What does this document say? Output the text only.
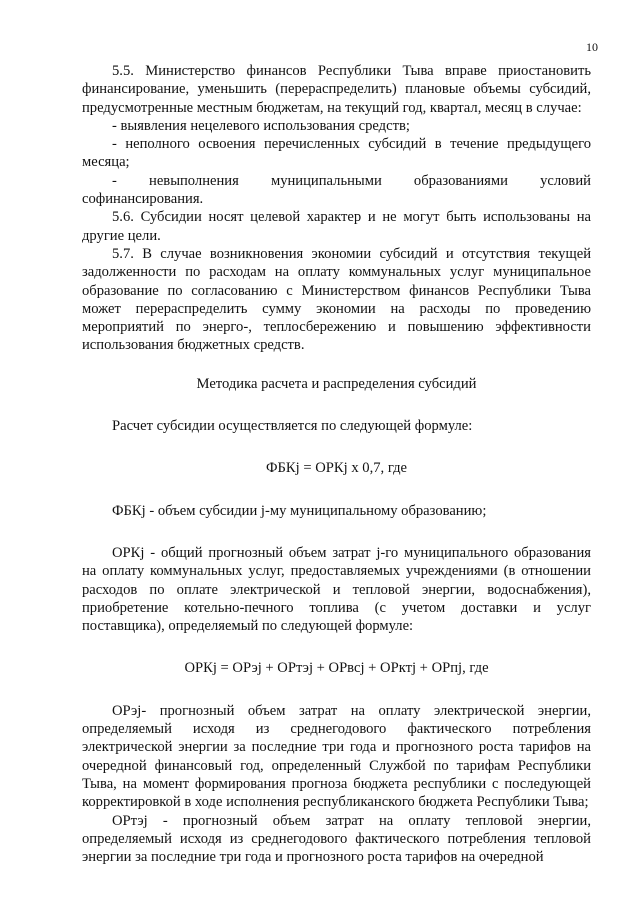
10

5.5. Министерство финансов Республики Тыва вправе приостановить финансирование, уменьшить (перераспределить) плановые объемы субсидий, предусмотренные местным бюджетам, на текущий год, квартал, месяц в случае:

- выявления нецелевого использования средств;

- неполного освоения перечисленных субсидий в течение предыдущего месяца;

-	невыполнения	муниципальными	образованиями	условий

софинансирования.

5.6. Субсидии носят целевой характер и не могут быть использованы на другие цели.

5.7. В случае возникновения экономии субсидий и отсутствия текущей задолженности по расходам на оплату коммунальных услуг муниципальное образование по согласованию с Министерством финансов Республики Тыва может перераспределить сумму экономии на расходы по проведению мероприятий по энерго-, теплосбережению и повышению эффективности использования бюджетных средств.

Методика расчета и распределения субсидий

Расчет субсидии осуществляется по следующей формуле:

ФБКj = ОРКj х 0,7, где

ФБКj - объем субсидии j-му муниципальному образованию;

ОРКj - общий прогнозный объем затрат j-го муниципального образования на оплату коммунальных услуг, предоставляемых учреждениями (в отношении расходов по оплате электрической и тепловой энергии, водоснабжения), приобретение котельно-печного топлива (с учетом доставки и услуг поставщика), определяемый по следующей формуле:

ОРКj = ОРэj + ОРтэj + ОРвсj + ОРктj + ОРпj, где

ОРэj- прогнозный объем затрат на оплату электрической энергии, определяемый исходя из среднегодового фактического потребления электрической энергии за последние три года и прогнозного роста тарифов на очередной финансовый год, определенный Службой по тарифам Республики Тыва, на момент формирования прогноза бюджета республики с последующей корректировкой в ходе исполнения республиканского бюджета Республики Тыва;

ОРтэj - прогнозный объем затрат на оплату тепловой энергии, определяемый исходя из среднегодового фактического потребления тепловой энергии за последние три года и прогнозного роста тарифов на очередной
